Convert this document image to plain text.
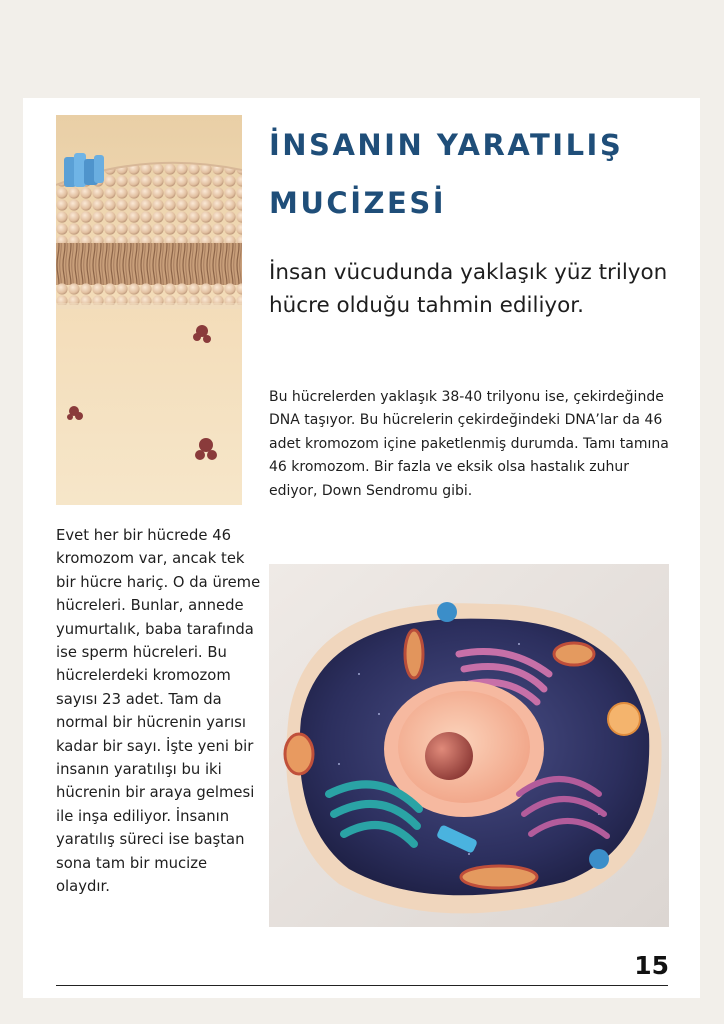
İNSANIN YARATILIŞ MUCİZESİ

İnsan vücudunda yaklaşık yüz trilyon hücre olduğu tahmin ediliyor.

Bu hücrelerden yaklaşık 38-40 trilyonu ise, çekirdeğinde DNA taşıyor. Bu hücrelerin çekirdeğindeki DNA’lar da 46 adet kromozom içine paketlenmiş durumda. Tamı tamına 46 kromozom. Bir fazla ve eksik olsa hastalık zuhur ediyor, Down Sendromu gibi.

Evet her bir hücrede 46 kromozom var, ancak tek bir hücre hariç. O da üreme hücreleri. Bunlar, annede yumurtalık, baba tarafında ise sperm hücreleri. Bu hücrelerdeki kromozom sayısı 23 adet. Tam da normal bir hücrenin yarısı kadar bir sayı. İşte yeni bir insanın yaratılışı bu iki hücrenin bir araya gelmesi ile inşa ediliyor. İnsanın yaratılış süreci ise baştan sona tam bir mucize olaydır.

15
